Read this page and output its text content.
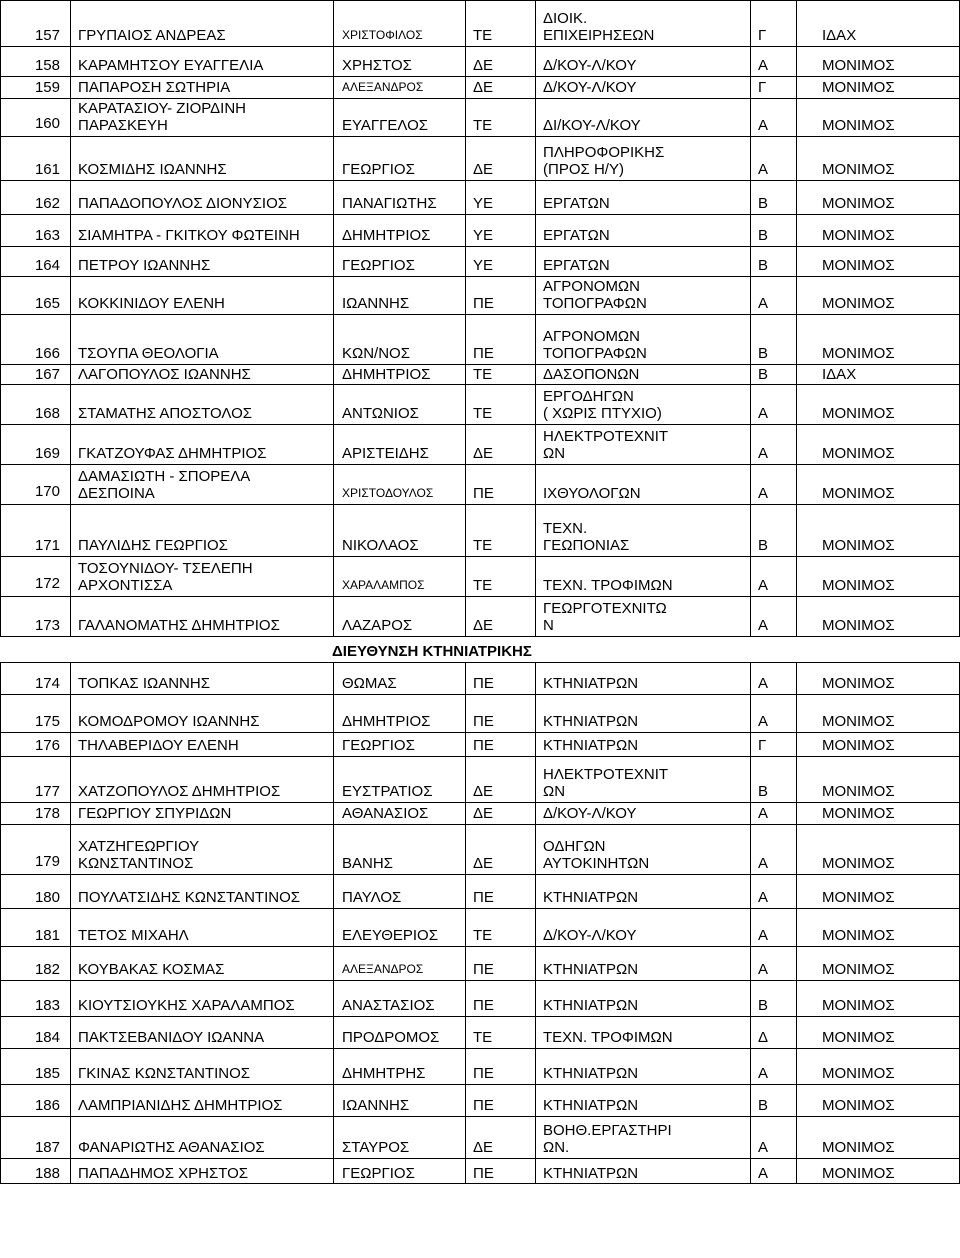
157 ΓΡΥΠΑΙΟΣ ΑΝΔΡΕΑΣ	ΧΡΙΣΤΟΦΙΛΟΣ	ΤΕ
ΔΙΟΙΚ.
ΕΠΙΧΕΙΡΗΣΕΩΝ	Γ	ΙΔΑΧ
158 ΚΑΡΑΜΗΤΣΟΥ ΕΥΑΓΓΕΛΙΑ	ΧΡΗΣΤΟΣ	ΔΕ	Δ/ΚΟΥ-Λ/ΚΟΥ	Α	ΜΟΝΙΜΟΣ
159 ΠΑΠΑΡΟΣΗ ΣΩΤΗΡΙΑ	ΑΛΕΞΑΝΔΡΟΣ	ΔΕ	Δ/ΚΟΥ-Λ/ΚΟΥ	Γ	ΜΟΝΙΜΟΣ
160
ΚΑΡΑΤΑΣΙΟΥ- ΖΙΟΡΔΙΝΗ
ΠΑΡΑΣΚΕΥΗ	ΕΥΑΓΓΕΛΟΣ	ΤΕ	ΔΙ/ΚΟΥ-Λ/ΚΟΥ	Α	ΜΟΝΙΜΟΣ
161 ΚΟΣΜΙΔΗΣ ΙΩΑΝΝΗΣ	ΓΕΩΡΓΙΟΣ	ΔΕ
ΠΛΗΡΟΦΟΡΙΚΗΣ
(ΠΡΟΣ Η/Υ)	Α	ΜΟΝΙΜΟΣ
162 ΠΑΠΑΔΟΠΟΥΛΟΣ ΔΙΟΝΥΣΙΟΣ	ΠΑΝΑΓΙΩΤΗΣ	ΥΕ	ΕΡΓΑΤΩΝ	Β	ΜΟΝΙΜΟΣ
163 ΣΙΑΜΗΤΡΑ - ΓΚΙΤΚΟΥ ΦΩΤΕΙΝΗ	ΔΗΜΗΤΡΙΟΣ	ΥΕ	ΕΡΓΑΤΩΝ	Β	ΜΟΝΙΜΟΣ
164 ΠΕΤΡΟΥ ΙΩΑΝΝΗΣ	ΓΕΩΡΓΙΟΣ	ΥΕ	ΕΡΓΑΤΩΝ	Β	ΜΟΝΙΜΟΣ
165 ΚΟΚΚΙΝΙΔΟΥ ΕΛΕΝΗ	ΙΩΑΝΝΗΣ	ΠΕ
ΑΓΡΟΝΟΜΩΝ
ΤΟΠΟΓΡΑΦΩΝ	Α	ΜΟΝΙΜΟΣ
166 ΤΣΟΥΠΑ ΘΕΟΛΟΓΙΑ	ΚΩΝ/ΝΟΣ	ΠΕ
ΑΓΡΟΝΟΜΩΝ
ΤΟΠΟΓΡΑΦΩΝ	Β	ΜΟΝΙΜΟΣ
167 ΛΑΓΟΠΟΥΛΟΣ ΙΩΑΝΝΗΣ	ΔΗΜΗΤΡΙΟΣ	ΤΕ	ΔΑΣΟΠΟΝΩΝ	Β	ΙΔΑΧ
168 ΣΤΑΜΑΤΗΣ ΑΠΟΣΤΟΛΟΣ	ΑΝΤΩΝΙΟΣ	ΤΕ
ΕΡΓΟΔΗΓΩΝ
( ΧΩΡΙΣ ΠΤΥΧΙΟ)	Α	ΜΟΝΙΜΟΣ
169 ΓΚΑΤΖΟΥΦΑΣ ΔΗΜΗΤΡΙΟΣ	ΑΡΙΣΤΕΙΔΗΣ	ΔΕ
ΗΛΕΚΤΡΟΤΕΧΝΙΤ
ΩΝ	Α	ΜΟΝΙΜΟΣ
170
ΔΑΜΑΣΙΩΤΗ - ΣΠΟΡΕΛΑ
ΔΕΣΠΟΙΝΑ	ΧΡΙΣΤΟΔΟΥΛΟΣ	ΠΕ	ΙΧΘΥΟΛΟΓΩΝ	Α	ΜΟΝΙΜΟΣ
171 ΠΑΥΛΙΔΗΣ ΓΕΩΡΓΙΟΣ	ΝΙΚΟΛΑΟΣ	ΤΕ
ΤΕΧΝ.
ΓΕΩΠΟΝΙΑΣ	Β	ΜΟΝΙΜΟΣ
172
ΤΟΣΟΥΝΙΔΟΥ- ΤΣΕΛΕΠΗ
ΑΡΧΟΝΤΙΣΣΑ	ΧΑΡΑΛΑΜΠΟΣ	ΤΕ	ΤΕΧΝ. ΤΡΟΦΙΜΩΝ	Α	ΜΟΝΙΜΟΣ
173 ΓΑΛΑΝΟΜΑΤΗΣ ΔΗΜΗΤΡΙΟΣ	ΛΑΖΑΡΟΣ	ΔΕ
ΓΕΩΡΓΟΤΕΧΝΙΤΩ
Ν	Α	ΜΟΝΙΜΟΣ
ΔΙΕΥΘΥΝΣΗ ΚΤΗΝΙΑΤΡΙΚΗΣ
174 ΤΟΠΚΑΣ ΙΩΑΝΝΗΣ	ΘΩΜΑΣ	ΠΕ	ΚΤΗΝΙΑΤΡΩΝ	Α	ΜΟΝΙΜΟΣ
175 ΚΟΜΟΔΡΟΜΟΥ ΙΩΑΝΝΗΣ	ΔΗΜΗΤΡΙΟΣ	ΠΕ	ΚΤΗΝΙΑΤΡΩΝ	Α	ΜΟΝΙΜΟΣ
176 ΤΗΛΑΒΕΡΙΔΟΥ ΕΛΕΝΗ	ΓΕΩΡΓΙΟΣ	ΠΕ	ΚΤΗΝΙΑΤΡΩΝ	Γ	ΜΟΝΙΜΟΣ
177 ΧΑΤΖΟΠΟΥΛΟΣ ΔΗΜΗΤΡΙΟΣ	ΕΥΣΤΡΑΤΙΟΣ	ΔΕ
ΗΛΕΚΤΡΟΤΕΧΝΙΤ
ΩΝ	Β	ΜΟΝΙΜΟΣ
178 ΓΕΩΡΓΙΟΥ ΣΠΥΡΙΔΩΝ	ΑΘΑΝΑΣΙΟΣ	ΔΕ	Δ/ΚΟΥ-Λ/ΚΟΥ	Α	ΜΟΝΙΜΟΣ
179
ΧΑΤΖΗΓΕΩΡΓΙΟΥ
ΚΩΝΣΤΑΝΤΙΝΟΣ	ΒΑΝΗΣ	ΔΕ
ΟΔΗΓΩΝ
ΑΥΤΟΚΙΝΗΤΩΝ	Α	ΜΟΝΙΜΟΣ
180 ΠΟΥΛΑΤΣΙΔΗΣ ΚΩΝΣΤΑΝΤΙΝΟΣ	ΠΑΥΛΟΣ	ΠΕ	ΚΤΗΝΙΑΤΡΩΝ	Α	ΜΟΝΙΜΟΣ
181 ΤΕΤΟΣ ΜΙΧΑΗΛ	ΕΛΕΥΘΕΡΙΟΣ	ΤΕ	Δ/ΚΟΥ-Λ/ΚΟΥ	Α	ΜΟΝΙΜΟΣ
182 ΚΟΥΒΑΚΑΣ ΚΟΣΜΑΣ	ΑΛΕΞΑΝΔΡΟΣ	ΠΕ	ΚΤΗΝΙΑΤΡΩΝ	Α	ΜΟΝΙΜΟΣ
183 ΚΙΟΥΤΣΙΟΥΚΗΣ ΧΑΡΑΛΑΜΠΟΣ	ΑΝΑΣΤΑΣΙΟΣ	ΠΕ	ΚΤΗΝΙΑΤΡΩΝ	Β	ΜΟΝΙΜΟΣ
184 ΠΑΚΤΣΕΒΑΝΙΔΟΥ ΙΩΑΝΝΑ	ΠΡΟΔΡΟΜΟΣ	ΤΕ	ΤΕΧΝ. ΤΡΟΦΙΜΩΝ	Δ	ΜΟΝΙΜΟΣ
185 ΓΚΙΝΑΣ ΚΩΝΣΤΑΝΤΙΝΟΣ	ΔΗΜΗΤΡΗΣ	ΠΕ	ΚΤΗΝΙΑΤΡΩΝ	Α	ΜΟΝΙΜΟΣ
186 ΛΑΜΠΡΙΑΝΙΔΗΣ ΔΗΜΗΤΡΙΟΣ	ΙΩΑΝΝΗΣ	ΠΕ	ΚΤΗΝΙΑΤΡΩΝ	Β	ΜΟΝΙΜΟΣ
187 ΦΑΝΑΡΙΩΤΗΣ ΑΘΑΝΑΣΙΟΣ	ΣΤΑΥΡΟΣ	ΔΕ
ΒΟΗΘ.ΕΡΓΑΣΤΗΡΙ
ΩΝ.	Α	ΜΟΝΙΜΟΣ
188 ΠΑΠΑΔΗΜΟΣ ΧΡΗΣΤΟΣ	ΓΕΩΡΓΙΟΣ	ΠΕ	ΚΤΗΝΙΑΤΡΩΝ	Α	ΜΟΝΙΜΟΣ
